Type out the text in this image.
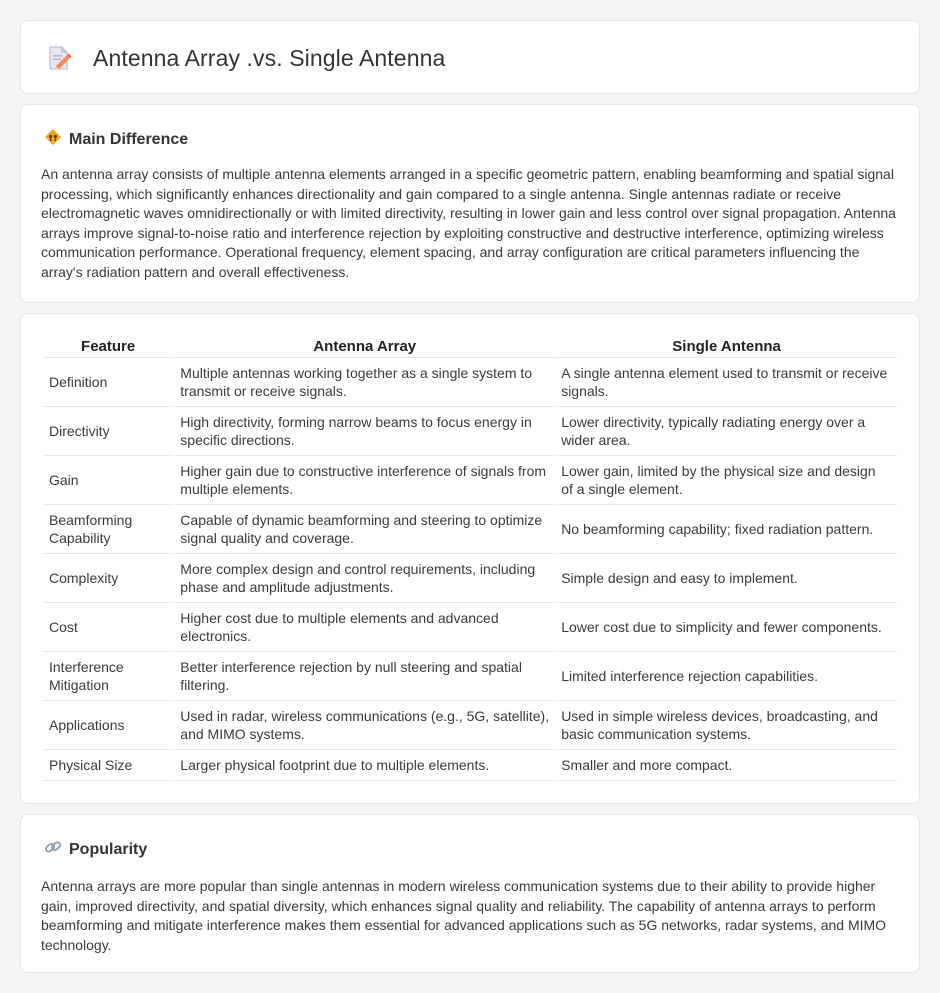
Antenna Array .vs. Single Antenna
Main Difference

An antenna array consists of multiple antenna elements arranged in a specific geometric pattern, enabling beamforming and spatial signal processing, which significantly enhances directionality and gain compared to a single antenna. Single antennas radiate or receive electromagnetic waves omnidirectionally or with limited directivity, resulting in lower gain and less control over signal propagation. Antenna arrays improve signal-to-noise ratio and interference rejection by exploiting constructive and destructive interference, optimizing wireless communication performance. Operational frequency, element spacing, and array configuration are critical parameters influencing the array's radiation pattern and overall effectiveness.

Feature	Antenna Array	Single Antenna
Definition	Multiple antennas working together as a single system to transmit or receive signals.	A single antenna element used to transmit or receive signals.
Directivity	High directivity, forming narrow beams to focus energy in specific directions.	Lower directivity, typically radiating energy over a wider area.
Gain	Higher gain due to constructive interference of signals from multiple elements.	Lower gain, limited by the physical size and design of a single element.
Beamforming Capability	Capable of dynamic beamforming and steering to optimize signal quality and coverage.	No beamforming capability; fixed radiation pattern.
Complexity	More complex design and control requirements, including phase and amplitude adjustments.	Simple design and easy to implement.
Cost	Higher cost due to multiple elements and advanced electronics.	Lower cost due to simplicity and fewer components.
Interference Mitigation	Better interference rejection by null steering and spatial filtering.	Limited interference rejection capabilities.
Applications	Used in radar, wireless communications (e.g., 5G, satellite), and MIMO systems.	Used in simple wireless devices, broadcasting, and basic communication systems.
Physical Size	Larger physical footprint due to multiple elements.	Smaller and more compact.
Popularity

Antenna arrays are more popular than single antennas in modern wireless communication systems due to their ability to provide higher gain, improved directivity, and spatial diversity, which enhances signal quality and reliability. The capability of antenna arrays to perform beamforming and mitigate interference makes them essential for advanced applications such as 5G networks, radar systems, and MIMO technology.
